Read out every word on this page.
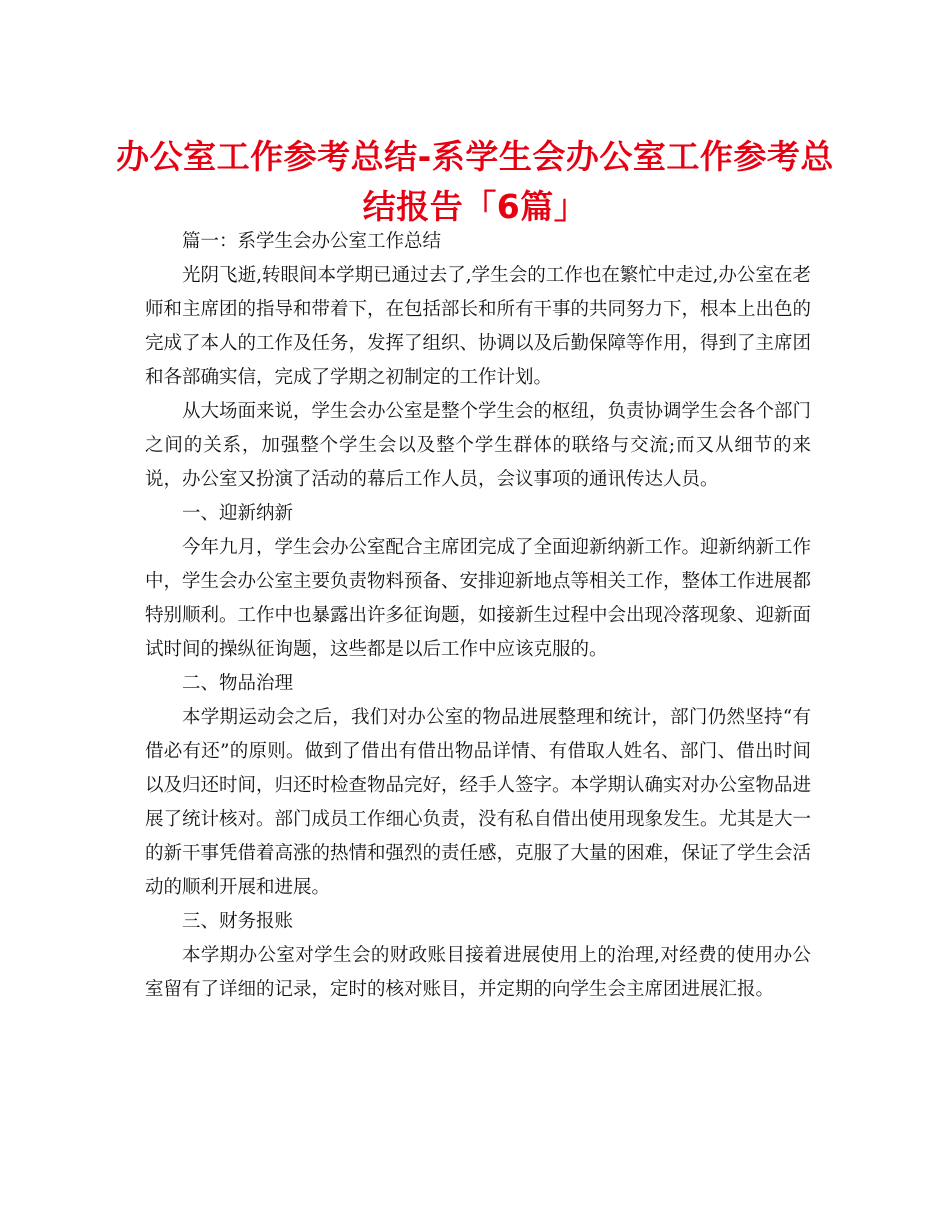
办公室工作参考总结-系学生会办公室工作参考总结报告「6篇」

篇一：系学生会办公室工作总结

光阴飞逝,转眼间本学期已通过去了,学生会的工作也在繁忙中走过,办公室在老师和主席团的指导和带着下，在包括部长和所有干事的共同努力下，根本上出色的完成了本人的工作及任务，发挥了组织、协调以及后勤保障等作用，得到了主席团和各部确实信，完成了学期之初制定的工作计划。

从大场面来说，学生会办公室是整个学生会的枢纽，负责协调学生会各个部门之间的关系，加强整个学生会以及整个学生群体的联络与交流;而又从细节的来说，办公室又扮演了活动的幕后工作人员，会议事项的通讯传达人员。

一、迎新纳新

今年九月，学生会办公室配合主席团完成了全面迎新纳新工作。迎新纳新工作中，学生会办公室主要负责物料预备、安排迎新地点等相关工作，整体工作进展都特别顺利。工作中也暴露出许多征询题，如接新生过程中会出现冷落现象、迎新面试时间的操纵征询题，这些都是以后工作中应该克服的。

二、物品治理

本学期运动会之后，我们对办公室的物品进展整理和统计，部门仍然坚持“有借必有还”的原则。做到了借出有借出物品详情、有借取人姓名、部门、借出时间以及归还时间，归还时检查物品完好，经手人签字。本学期认确实对办公室物品进展了统计核对。部门成员工作细心负责，没有私自借出使用现象发生。尤其是大一的新干事凭借着高涨的热情和强烈的责任感，克服了大量的困难，保证了学生会活动的顺利开展和进展。

三、财务报账

本学期办公室对学生会的财政账目接着进展使用上的治理,对经费的使用办公室留有了详细的记录，定时的核对账目，并定期的向学生会主席团进展汇报。
